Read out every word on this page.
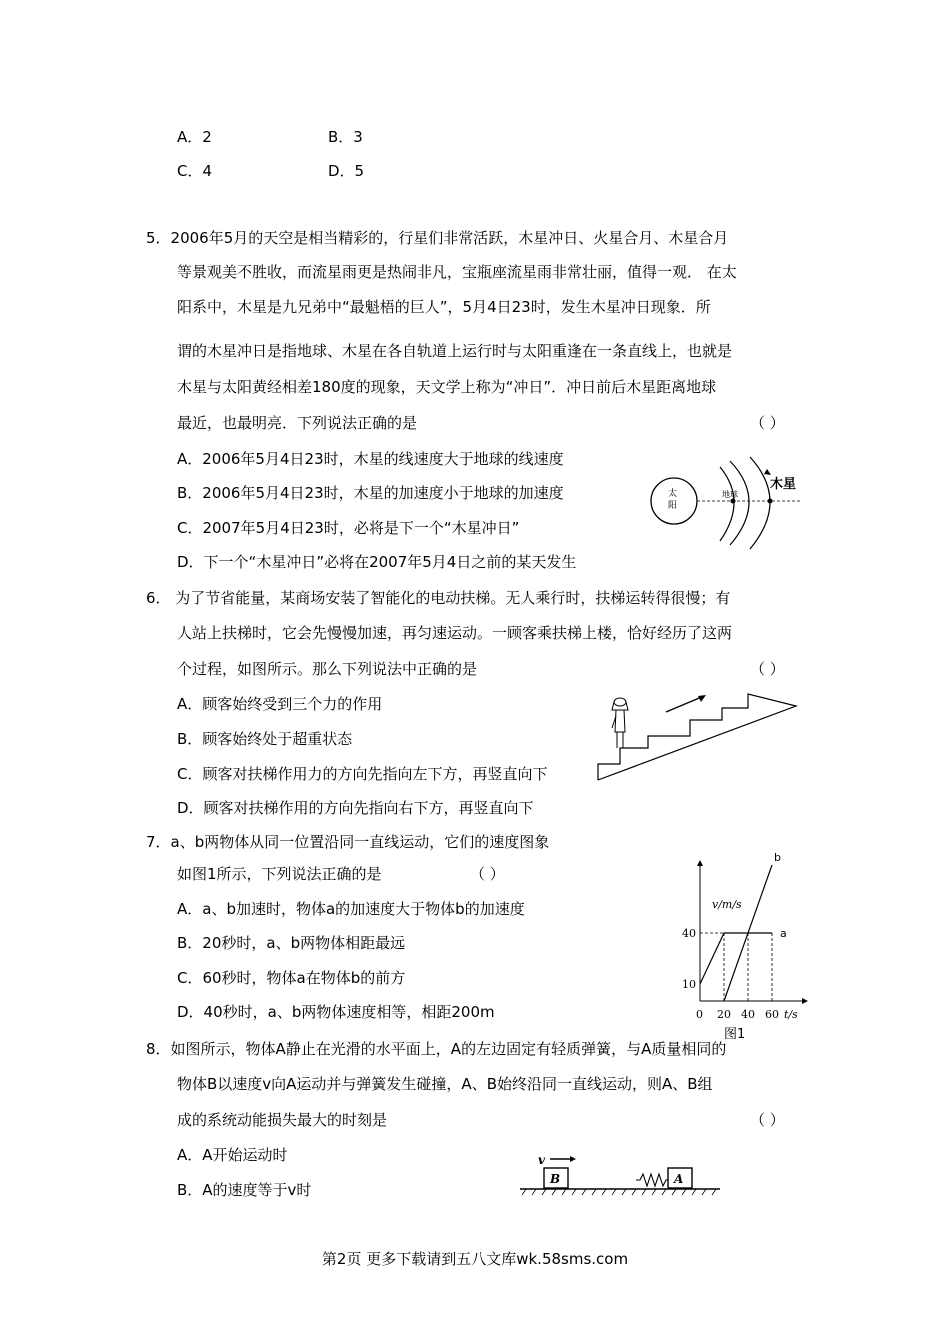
A．2	B．3
C．4	D．5
5．2006年5月的天空是相当精彩的，行星们非常活跃，木星冲日、火星合月、木星合月
等景观美不胜收，而流星雨更是热闹非凡，宝瓶座流星雨非常壮丽，值得一观． 在太
阳系中，木星是九兄弟中“最魁梧的巨人”，5月4日23时，发生木星冲日现象．所
谓的木星冲日是指地球、木星在各自轨道上运行时与太阳重逢在一条直线上，也就是
木星与太阳黄经相差180度的现象，天文学上称为“冲日”．冲日前后木星距离地球
最近，也最明亮．下列说法正确的是	（ ）
A．2006年5月4日23时，木星的线速度大于地球的线速度
B．2006年5月4日23时，木星的加速度小于地球的加速度
C．2007年5月4日23时，必将是下一个“木星冲日”
D．下一个“木星冲日”必将在2007年5月4日之前的某天发生
太
阳
地球
木星
6． 为了节省能量，某商场安装了智能化的电动扶梯。无人乘行时，扶梯运转得很慢；有
人站上扶梯时，它会先慢慢加速，再匀速运动。一顾客乘扶梯上楼，恰好经历了这两
个过程，如图所示。那么下列说法中正确的是	（ ）
A．顾客始终受到三个力的作用
B．顾客始终处于超重状态
C．顾客对扶梯作用力的方向先指向左下方，再竖直向下
D．顾客对扶梯作用的方向先指向右下方，再竖直向下
7．a、b两物体从同一位置沿同一直线运动，它们的速度图象
如图1所示，下列说法正确的是	（ ）
A．a、b加速时，物体a的加速度大于物体b的加速度
B．20秒时，a、b两物体相距最远
C．60秒时，物体a在物体b的前方
D．40秒时，a、b两物体速度相等，相距200m
v/m/s
t/s
图1
a
b
0 20 40 60
10
40
8．如图所示，物体A静止在光滑的水平面上，A的左边固定有轻质弹簧，与A质量相同的
物体B以速度v向A运动并与弹簧发生碰撞，A、B始终沿同一直线运动，则A、B组
成的系统动能损失最大的时刻是	（ ）
A．A开始运动时
B．A的速度等于v时
v
B	A
第2页 更多下载请到五八文库wk.58sms.com
